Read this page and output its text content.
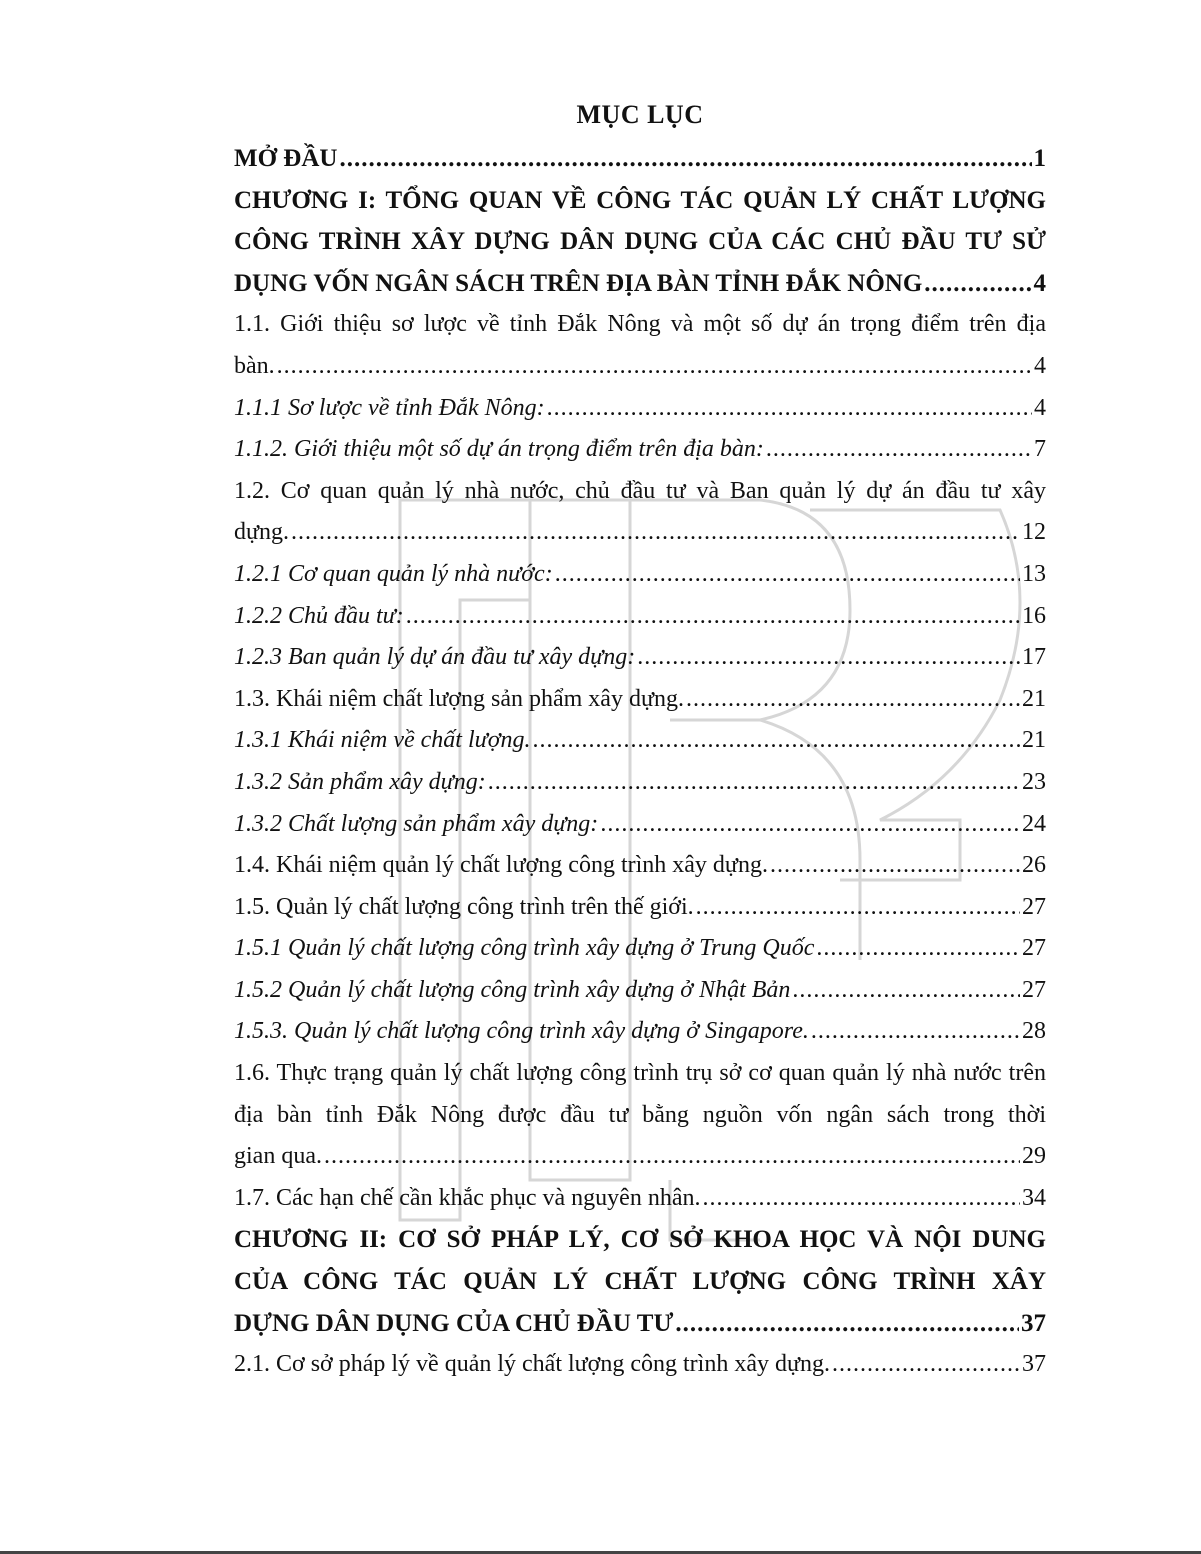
MỤC LỤC
MỞ ĐẦU .....	1
CHƯƠNG I: TỔNG QUAN VỀ CÔNG TÁC QUẢN LÝ CHẤT LƯỢNG CÔNG TRÌNH XÂY DỰNG DÂN DỤNG CỦA CÁC CHỦ ĐẦU TƯ SỬ
DỤNG VỐN NGÂN SÁCH TRÊN ĐỊA BÀN TỈNH ĐẮK NÔNG .....	4
1.1. Giới thiệu sơ lược về tỉnh Đắk Nông và một số dự án trọng điểm trên địa
bàn. .....	4
1.1.1 Sơ lược về tỉnh Đắk Nông: .....	4
1.1.2. Giới thiệu một số dự án trọng điểm trên địa bàn: .....	7
1.2. Cơ quan quản lý nhà nước, chủ đầu tư và Ban quản lý dự án đầu tư xây
dựng. .....	12
1.2.1 Cơ quan quản lý nhà nước: .....	13
1.2.2 Chủ đầu tư: .....	16
1.2.3 Ban quản lý dự án đầu tư xây dựng: .....	17
1.3. Khái niệm chất lượng sản phẩm xây dựng. .....	21
1.3.1 Khái niệm về chất lượng. .....	21
1.3.2 Sản phẩm xây dựng: .....	23
1.3.2 Chất lượng sản phẩm xây dựng: .....	24
1.4. Khái niệm quản lý chất lượng công trình xây dựng. .....	26
1.5. Quản lý chất lượng công trình trên thế giới. .....	27
1.5.1 Quản lý chất lượng công trình xây dựng ở Trung Quốc .....	27
1.5.2 Quản lý chất lượng công trình xây dựng ở Nhật Bản .....	27
1.5.3. Quản lý chất lượng công trình xây dựng ở Singapore. .....	28
1.6. Thực trạng quản lý chất lượng công trình trụ sở cơ quan quản lý nhà nước trên địa bàn tỉnh Đắk Nông được đầu tư bằng nguồn vốn ngân sách trong thời
gian qua. .....	29
1.7. Các hạn chế cần khắc phục và nguyên nhân. .....	34
CHƯƠNG II: CƠ SỞ PHÁP LÝ, CƠ SỞ KHOA HỌC VÀ NỘI DUNG CỦA CÔNG TÁC QUẢN LÝ CHẤT LƯỢNG CÔNG TRÌNH XÂY
DỰNG DÂN DỤNG CỦA CHỦ ĐẦU TƯ .....	37
2.1. Cơ sở pháp lý về quản lý chất lượng công trình xây dựng. .....	37
